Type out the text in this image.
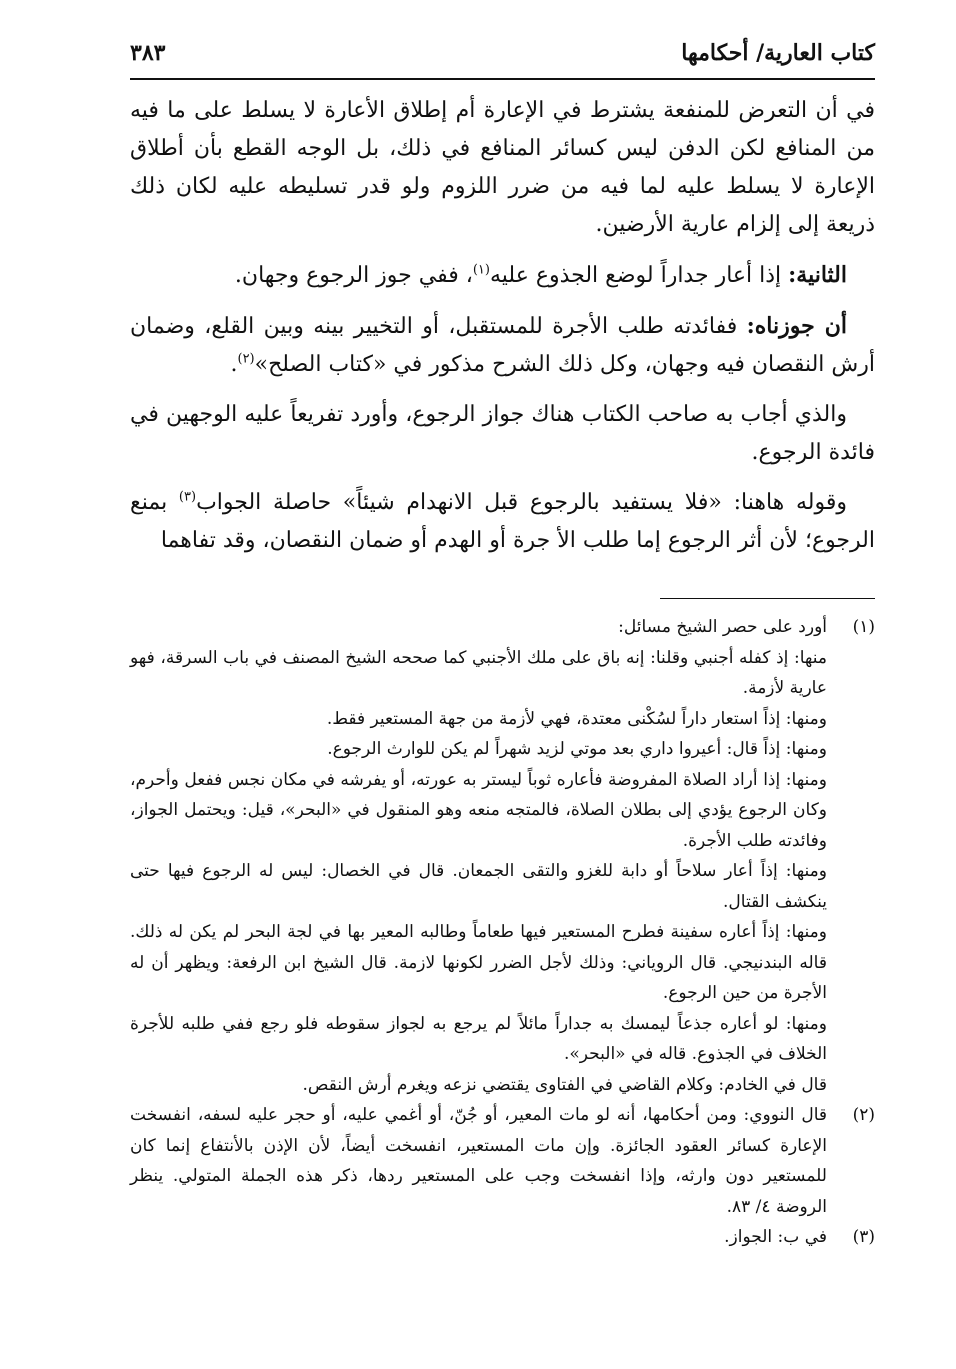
كتاب العارية/ أحكامها
٣٨٣

في أن التعرض للمنفعة يشترط في الإعارة أم إطلاق الأعارة لا يسلط على ما فيه من المنافع لكن الدفن ليس كسائر المنافع في ذلك، بل الوجه القطع بأن أطلاق الإعارة لا يسلط عليه لما فيه من ضرر اللزوم ولو قدر تسليطه عليه لكان ذلك ذريعة إلى إلزام عارية الأرضين.

الثانية: إذا أعار جداراً لوضع الجذوع عليه$^{(١)}$، ففي جوز الرجوع وجهان.

أن جوزناه: ففائدته طلب الأجرة للمستقبل، أو التخيير بينه وبين القلع، وضمان أرش النقصان فيه وجهان، وكل ذلك الشرح مذكور في «كتاب الصلح»$^{(٢)}$.

والذي أجاب به صاحب الكتاب هناك جواز الرجوع، وأورد تفريعاً عليه الوجهين في فائدة الرجوع.

وقوله هاهنا: «فلا يستفيد بالرجوع قبل الانهدام شيئاً» حاصلة الجواب$^{(٣)}$ بمنع الرجوع؛ لأن أثر الرجوع إما طلب الأ جرة أو الهدم أو ضمان النقصان، وقد تفاهما

(١)

أورد على حصر الشيخ مسائل:

منها: إذ كفله أجنبي وقلنا: إنه باق على ملك الأجنبي كما صححه الشيخ المصنف في باب السرقة، فهو عارية لأزمة.

ومنها: إذاً استعار داراً لسُكْنى معتدة، فهي لأزمة من جهة المستعير فقط.

ومنها: إذاً قال: أعيروا داري بعد موتي لزيد شهراً لم يكن للوارث الرجوع.

ومنها: إذا أراد الصلاة المفروضة فأعاره ثوباً ليستر به عورته، أو يفرشه في مكان نجس ففعل وأحرم، وكان الرجوع يؤدي إلى بطلان الصلاة، فالمتجه منعه وهو المنقول في «البحر»، قيل: ويحتمل الجواز، وفائدته طلب الأجرة.

ومنها: إذاً أعار سلاحاً أو دابة للغزو والتقى الجمعان. قال في الخصال: ليس له الرجوع فيها حتى ينكشف القتال.

ومنها: إذاً أعاره سفينة فطرح المستعير فيها طعاماً وطالبه المعير بها في لجة البحر لم يكن له ذلك. قاله البندنيجي. قال الروياني: وذلك لأجل الضرر لكونها لازمة. قال الشيخ ابن الرفعة: ويظهر أن له الأجرة من حين الرجوع.

ومنها: لو أعاره جذعاً ليمسك به جداراً مائلاً لم يرجع به لجواز سقوطه فلو رجع ففي طلبه للأجرة الخلاف في الجذوع. قاله في «البحر».

قال في الخادم: وكلام القاضي في الفتاوى يقتضي نزعه ويغرم أرش النقص.

(٢)

قال النووي: ومن أحكامها، أنه لو مات المعير، أو جُنّ، أو أغمي عليه، أو حجر عليه لسفه، انفسخت الإعارة كسائر العقود الجائزة. وإن مات المستعير، انفسخت أيضاً، لأن الإذن بالأنتفاع إنما كان للمستعير دون وارثه، وإذا انفسخت وجب على المستعير ردها، ذكر هذه الجملة المتولي. ينظر الروضة ٤/ ٨٣.

(٣)

في ب: الجواز.
